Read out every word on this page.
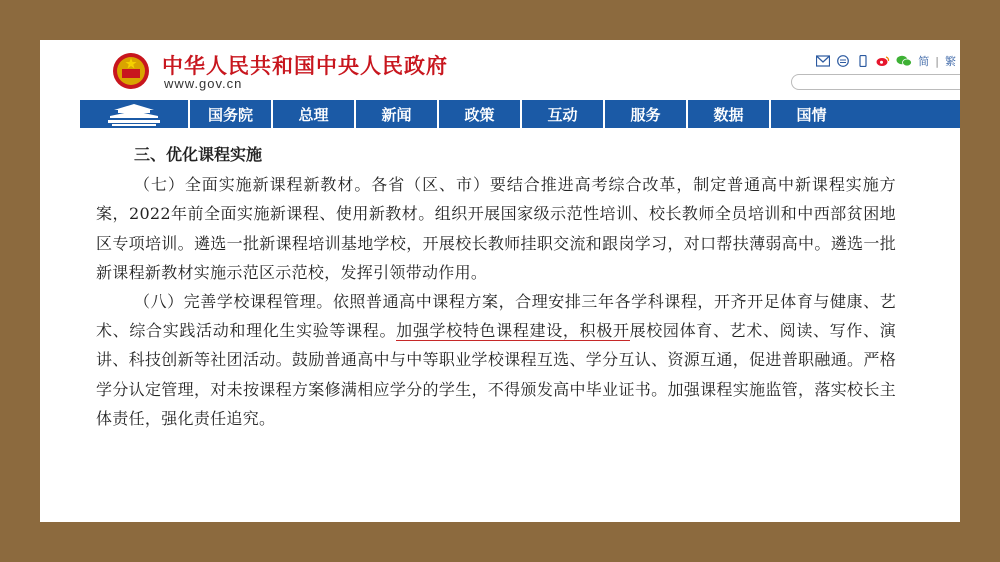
中华人民共和国中央人民政府
www.gov.cn
简 | 繁
国务院	总理	新闻	政策	互动	服务	数据	国情
三、优化课程实施

（七）全面实施新课程新教材。各省（区、市）要结合推进高考综合改革，制定普通高中新课程实施方案，2022年前全面实施新课程、使用新教材。组织开展国家级示范性培训、校长教师全员培训和中西部贫困地区专项培训。遴选一批新课程培训基地学校，开展校长教师挂职交流和跟岗学习，对口帮扶薄弱高中。遴选一批新课程新教材实施示范区示范校，发挥引领带动作用。

（八）完善学校课程管理。依照普通高中课程方案，合理安排三年各学科课程，开齐开足体育与健康、艺术、综合实践活动和理化生实验等课程。加强学校特色课程建设，积极开展校园体育、艺术、阅读、写作、演讲、科技创新等社团活动。鼓励普通高中与中等职业学校课程互选、学分互认、资源互通，促进普职融通。严格学分认定管理，对未按课程方案修满相应学分的学生，不得颁发高中毕业证书。加强课程实施监管，落实校长主体责任，强化责任追究。
